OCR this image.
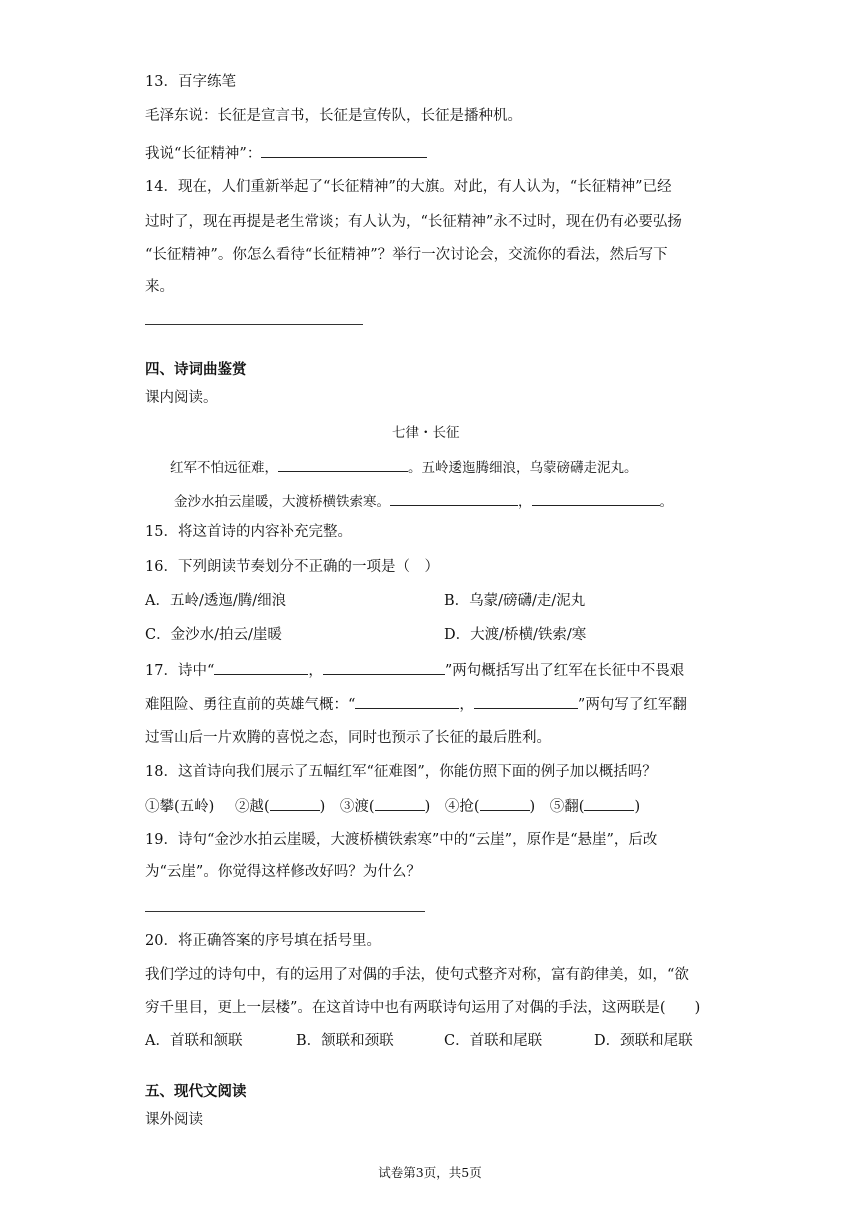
13．百字练笔
毛泽东说：长征是宣言书，长征是宣传队，长征是播种机。
我说“长征精神”：
14．现在，人们重新举起了“长征精神”的大旗。对此，有人认为，“长征精神”已经
过时了，现在再提是老生常谈；有人认为，“长征精神”永不过时，现在仍有必要弘扬
“长征精神”。你怎么看待“长征精神”？举行一次讨论会，交流你的看法，然后写下
来。
四、诗词曲鉴赏
课内阅读。
七律・长征
红军不怕远征难，	。五岭逶迤腾细浪，乌蒙磅礴走泥丸。
金沙水拍云崖暖，大渡桥横铁索寒。	，	。
15．将这首诗的内容补充完整。
16．下列朗读节奏划分不正确的一项是（　）
A．五岭/透迤/腾/细浪	B．乌蒙/磅礴/走/泥丸
C．金沙水/拍云/崖暖	D．大渡/桥横/铁索/寒
17．诗中“	，	”两句概括写出了红军在长征中不畏艰
难阻险、勇往直前的英雄气概：“	，	”两句写了红军翻
过雪山后一片欢腾的喜悦之态，同时也预示了长征的最后胜利。
18．这首诗向我们展示了五幅红军“征难图”，你能仿照下面的例子加以概括吗？
①攀(五岭) ②越(	) ③渡(	) ④抢(	) ⑤翻(	)
19．诗句“金沙水拍云崖暖，大渡桥横铁索寒”中的“云崖”，原作是“悬崖”，后改
为“云崖”。你觉得这样修改好吗？为什么？
20．将正确答案的序号填在括号里。
我们学过的诗句中，有的运用了对偶的手法，使句式整齐对称，富有韵律美，如，“欲
穷千里目，更上一层楼”。在这首诗中也有两联诗句运用了对偶的手法，这两联是(　　)
A．首联和颔联	B．颔联和颈联	C．首联和尾联	D．颈联和尾联
五、现代文阅读
课外阅读
试卷第3页，共5页
